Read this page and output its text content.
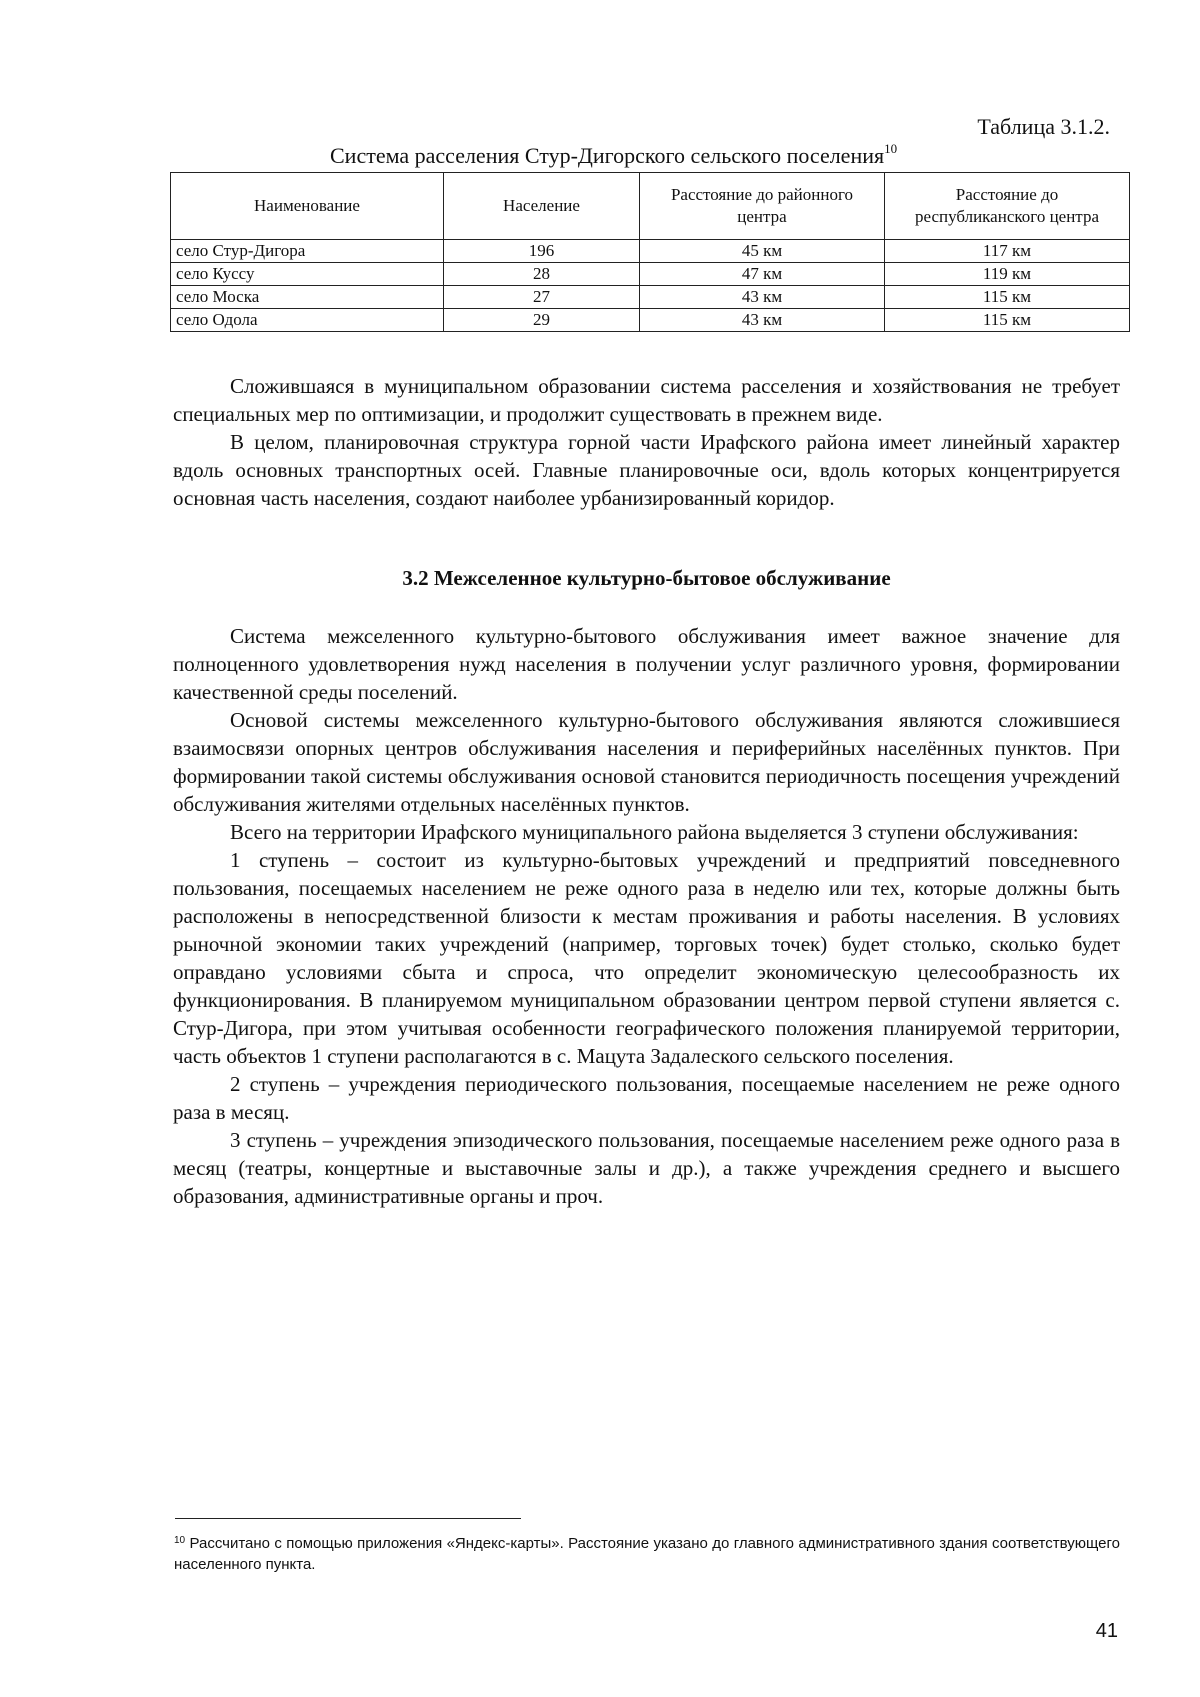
Таблица 3.1.2.
Система расселения Стур-Дигорского сельского поселения$^{10}$
Наименование	Население	Расстояние до районного центра	Расстояние до республиканского центра
село Стур-Дигора	196	45 км	117 км
село Куссу	28	47 км	119 км
село Моска	27	43 км	115 км
село Одола	29	43 км	115 км

Сложившаяся в муниципальном образовании система расселения и хозяйствования не требует специальных мер по оптимизации, и продолжит существовать в прежнем виде.

В целом, планировочная структура горной части Ирафского района имеет линейный характер вдоль основных транспортных осей. Главные планировочные оси, вдоль которых концентрируется основная часть населения, создают наиболее урбанизированный коридор.

3.2 Межселенное культурно-бытовое обслуживание

Система межселенного культурно-бытового обслуживания имеет важное значение для полноценного удовлетворения нужд населения в получении услуг различного уровня, формировании качественной среды поселений.

Основой системы межселенного культурно-бытового обслуживания являются сложившиеся взаимосвязи опорных центров обслуживания населения и периферийных населённых пунктов. При формировании такой системы обслуживания основой становится периодичность посещения учреждений обслуживания жителями отдельных населённых пунктов.

Всего на территории Ирафского муниципального района выделяется 3 ступени обслуживания:

1 ступень – состоит из культурно-бытовых учреждений и предприятий повседневного пользования, посещаемых населением не реже одного раза в неделю или тех, которые должны быть расположены в непосредственной близости к местам проживания и работы населения. В условиях рыночной экономии таких учреждений (например, торговых точек) будет столько, сколько будет оправдано условиями сбыта и спроса, что определит экономическую целесообразность их функционирования. В планируемом муниципальном образовании центром первой ступени является с. Стур-Дигора, при этом учитывая особенности географического положения планируемой территории, часть объектов 1 ступени располагаются в с. Мацута Задалеского сельского поселения.

2 ступень – учреждения периодического пользования, посещаемые населением не реже одного раза в месяц.

3 ступень – учреждения эпизодического пользования, посещаемые населением реже одного раза в месяц (театры, концертные и выставочные залы и др.), а также учреждения среднего и высшего образования, административные органы и проч.

$^{10}$ Рассчитано с помощью приложения «Яндекс-карты». Расстояние указано до главного административного здания соответствующего населенного пункта.
41
